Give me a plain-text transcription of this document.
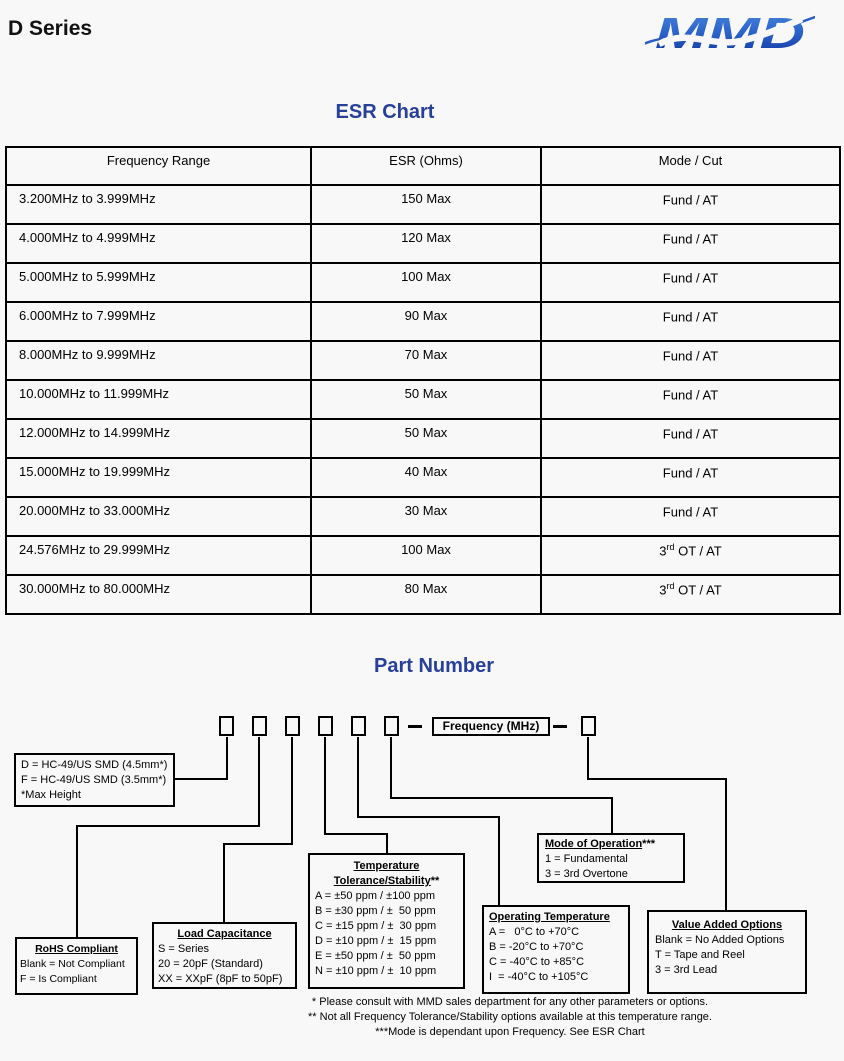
D Series	MMD
ESR Chart
Frequency Range	ESR (Ohms)	Mode / Cut
3.200MHz to 3.999MHz	150 Max	Fund / AT
4.000MHz to 4.999MHz	120 Max	Fund / AT
5.000MHz to 5.999MHz	100 Max	Fund / AT
6.000MHz to 7.999MHz	90 Max	Fund / AT
8.000MHz to 9.999MHz	70 Max	Fund / AT
10.000MHz to 11.999MHz	50 Max	Fund / AT
12.000MHz to 14.999MHz	50 Max	Fund / AT
15.000MHz to 19.999MHz	40 Max	Fund / AT
20.000MHz to 33.000MHz	30 Max	Fund / AT
24.576MHz to 29.999MHz	100 Max	3rd OT / AT
30.000MHz to 80.000MHz	80 Max	3rd OT / AT
Part Number
Frequency (MHz)
D = HC-49/US SMD (4.5mm*)
F = HC-49/US SMD (3.5mm*)
*Max Height
RoHS Compliant
Blank = Not Compliant
F = Is Compliant
Load Capacitance
S = Series
20 = 20pF (Standard)
XX = XXpF (8pF to 50pF)
Temperature
Tolerance/Stability**
A = ±50 ppm / ±100 ppm
B = ±30 ppm / ±  50 ppm
C = ±15 ppm / ±  30 ppm
D = ±10 ppm / ±  15 ppm
E = ±50 ppm / ±  50 ppm
N = ±10 ppm / ±  10 ppm
Mode of Operation***
1 = Fundamental
3 = 3rd Overtone
Operating Temperature
A =   0°C to +70°C
B = -20°C to +70°C
C = -40°C to +85°C
I  = -40°C to +105°C
Value Added Options
Blank = No Added Options
T = Tape and Reel
3 = 3rd Lead
* Please consult with MMD sales department for any other parameters or options.
** Not all Frequency Tolerance/Stability options available at this temperature range.
***Mode is dependant upon Frequency. See ESR Chart
